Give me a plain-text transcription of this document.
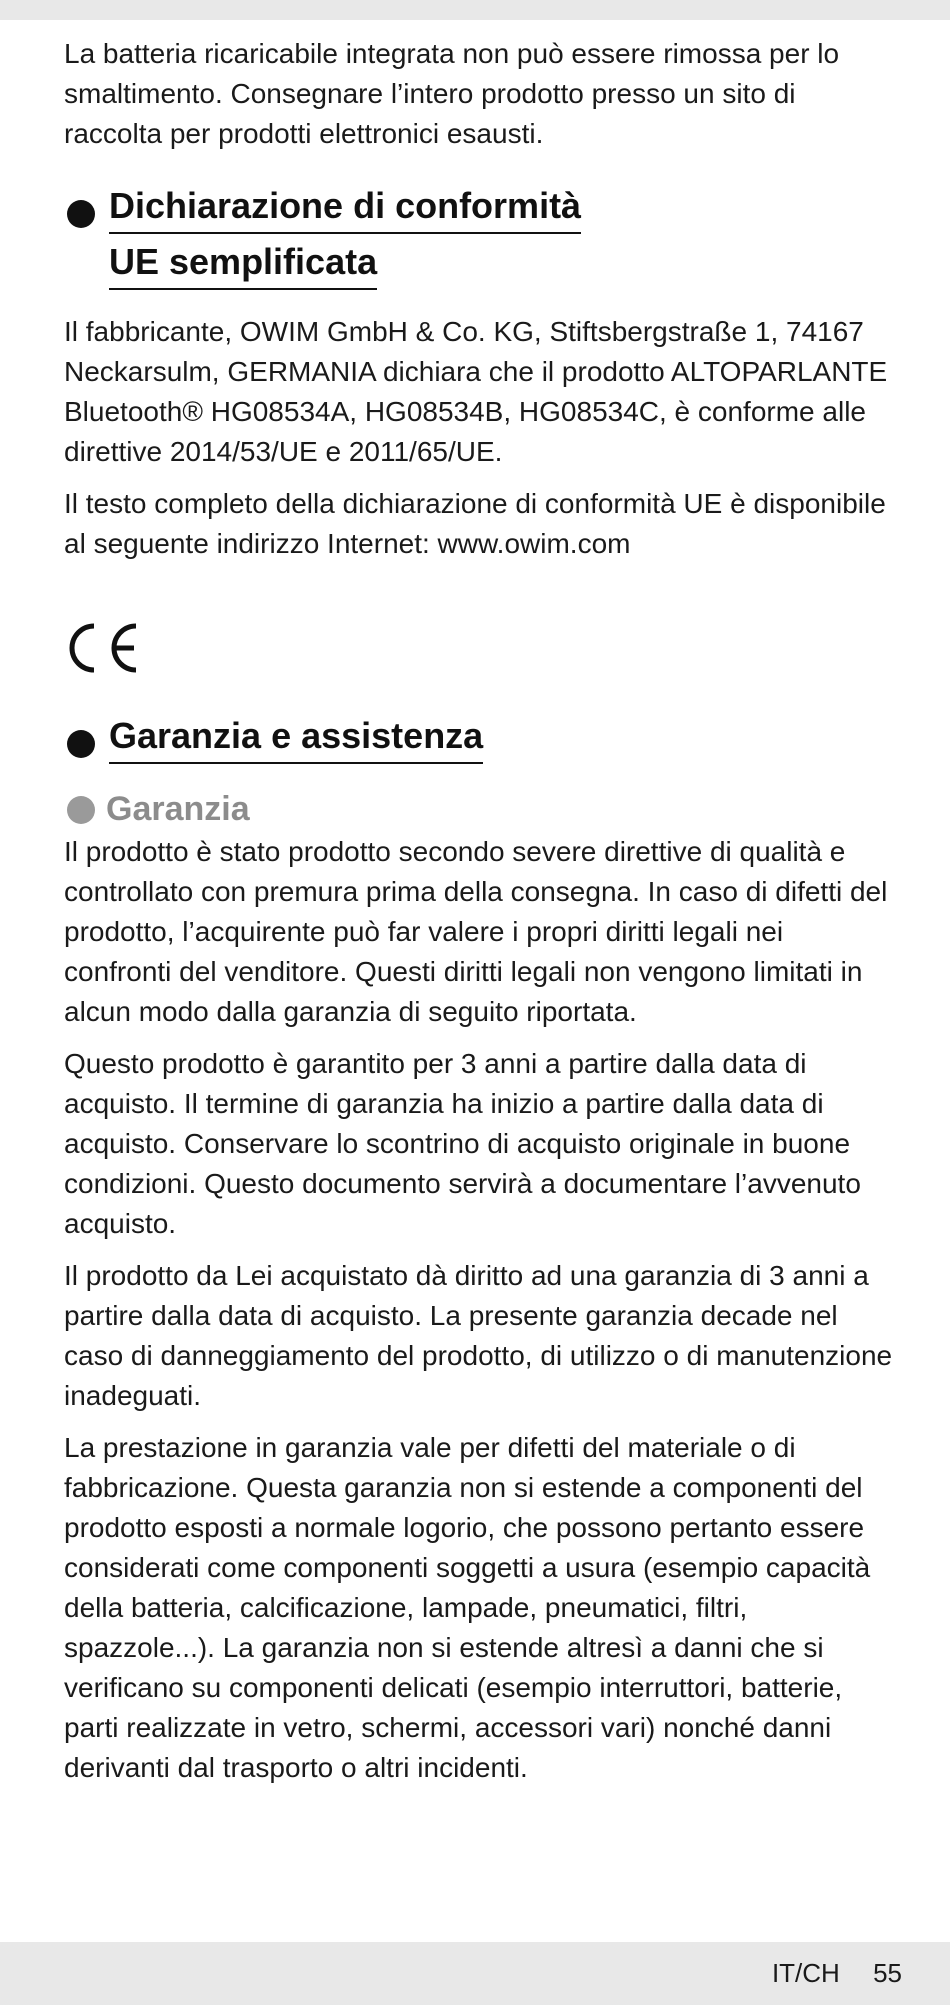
La batteria ricaricabile integrata non può essere rimossa per lo smaltimento. Consegnare l’intero prodotto presso un sito di raccolta per prodotti elettronici esausti.

Dichiarazione di conformità
UE semplificata

Il fabbricante, OWIM GmbH & Co. KG, Stiftsbergstraße 1, 74167 Neckarsulm, GERMANIA dichiara che il prodotto ALTOPARLANTE Bluetooth® HG08534A, HG08534B, HG08534C, è conforme alle direttive 2014/53/UE e 2011/65/UE.

Il testo completo della dichiarazione di conformità UE è disponibile al seguente indirizzo Internet: www.owim.com

Garanzia e assistenza
Garanzia

Il prodotto è stato prodotto secondo severe direttive di qualità e controllato con premura prima della consegna. In caso di difetti del prodotto, l’acquirente può far valere i propri diritti legali nei confronti del venditore. Questi diritti legali non vengono limitati in alcun modo dalla garanzia di seguito riportata.

Questo prodotto è garantito per 3 anni a partire dalla data di acquisto. Il termine di garanzia ha inizio a partire dalla data di acquisto. Conservare lo scontrino di acquisto originale in buone condizioni. Questo documento servirà a documentare l’avvenuto acquisto.

Il prodotto da Lei acquistato dà diritto ad una garanzia di 3 anni a partire dalla data di acquisto. La presente garanzia decade nel caso di danneggiamento del prodotto, di utilizzo o di manutenzione inadeguati.

La prestazione in garanzia vale per difetti del materiale o di fabbricazione. Questa garanzia non si estende a componenti del prodotto esposti a normale logorio, che possono pertanto essere considerati come componenti soggetti a usura (esempio capacità della batteria, calcificazione, lampade, pneumatici, filtri, spazzole...). La garanzia non si estende altresì a danni che si verificano su componenti delicati (esempio interruttori, batterie, parti realizzate in vetro, schermi, accessori vari) nonché danni derivanti dal trasporto o altri incidenti.

IT/CH 55
